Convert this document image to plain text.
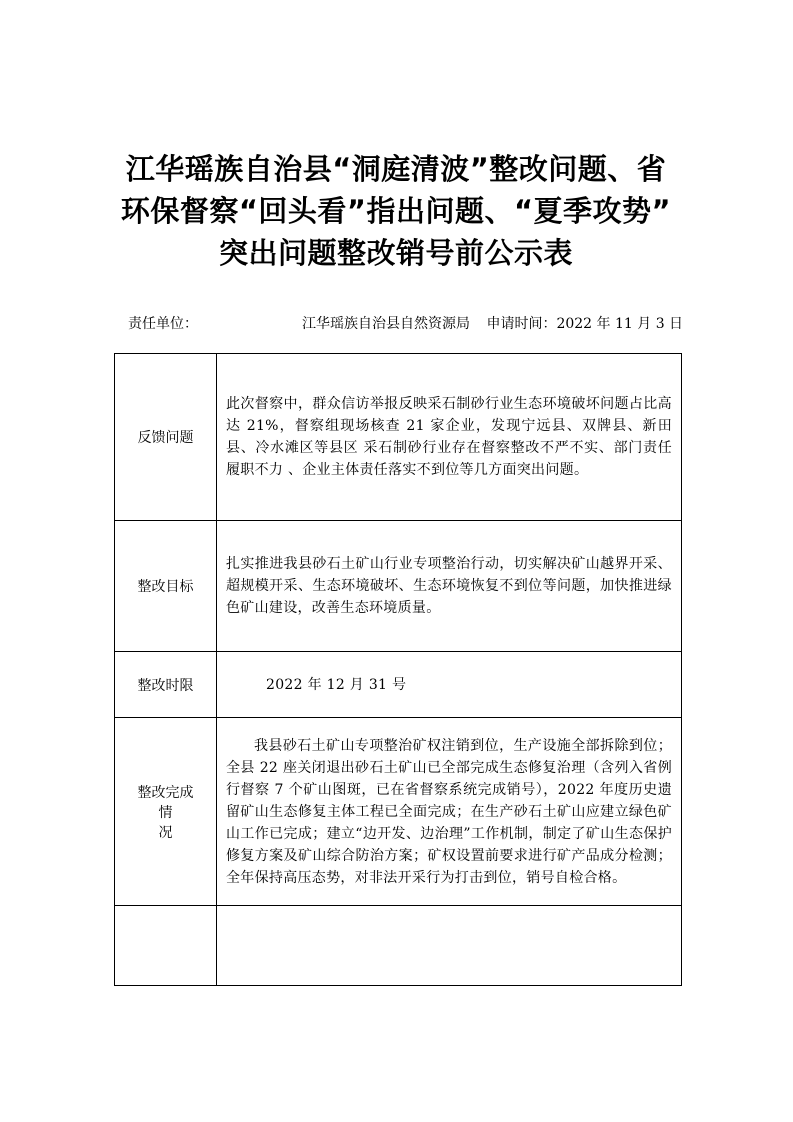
江华瑶族自治县“洞庭清波”整改问题、省
环保督察“回头看”指出问题、“夏季攻势”
突出问题整改销号前公示表
责任单位：	江华瑶族自治县自然资源局 申请时间：2022 年 11 月 3 日
反馈问题	此次督察中，群众信访举报反映采石制砂行业生态环境破坏问题占比高达 21%，督察组现场核查 21 家企业，发现宁远县、双牌县、新田县、冷水滩区等县区 采石制砂行业存在督察整改不严不实、部门责任履职不力 、企业主体责任落实不到位等几方面突出问题。
整改目标	扎实推进我县砂石土矿山行业专项整治行动，切实解决矿山越界开采、超规模开采、生态环境破坏、生态环境恢复不到位等问题，加快推进绿色矿山建设，改善生态环境质量。
整改时限	2022 年 12 月 31 号

整改完成
情况	我县砂石土矿山专项整治矿权注销到位，生产设施全部拆除到位；全县 22 座关闭退出砂石土矿山已全部完成生态修复治理（含列入省例行督察 7 个矿山图斑，已在省督察系统完成销号），2022 年度历史遗留矿山生态修复主体工程已全面完成；在生产砂石土矿山应建立绿色矿山工作已完成；建立“边开发、边治理”工作机制，制定了矿山生态保护修复方案及矿山综合防治方案；矿权设置前要求进行矿产品成分检测；全年保持高压态势，对非法开采行为打击到位，销号自检合格。
